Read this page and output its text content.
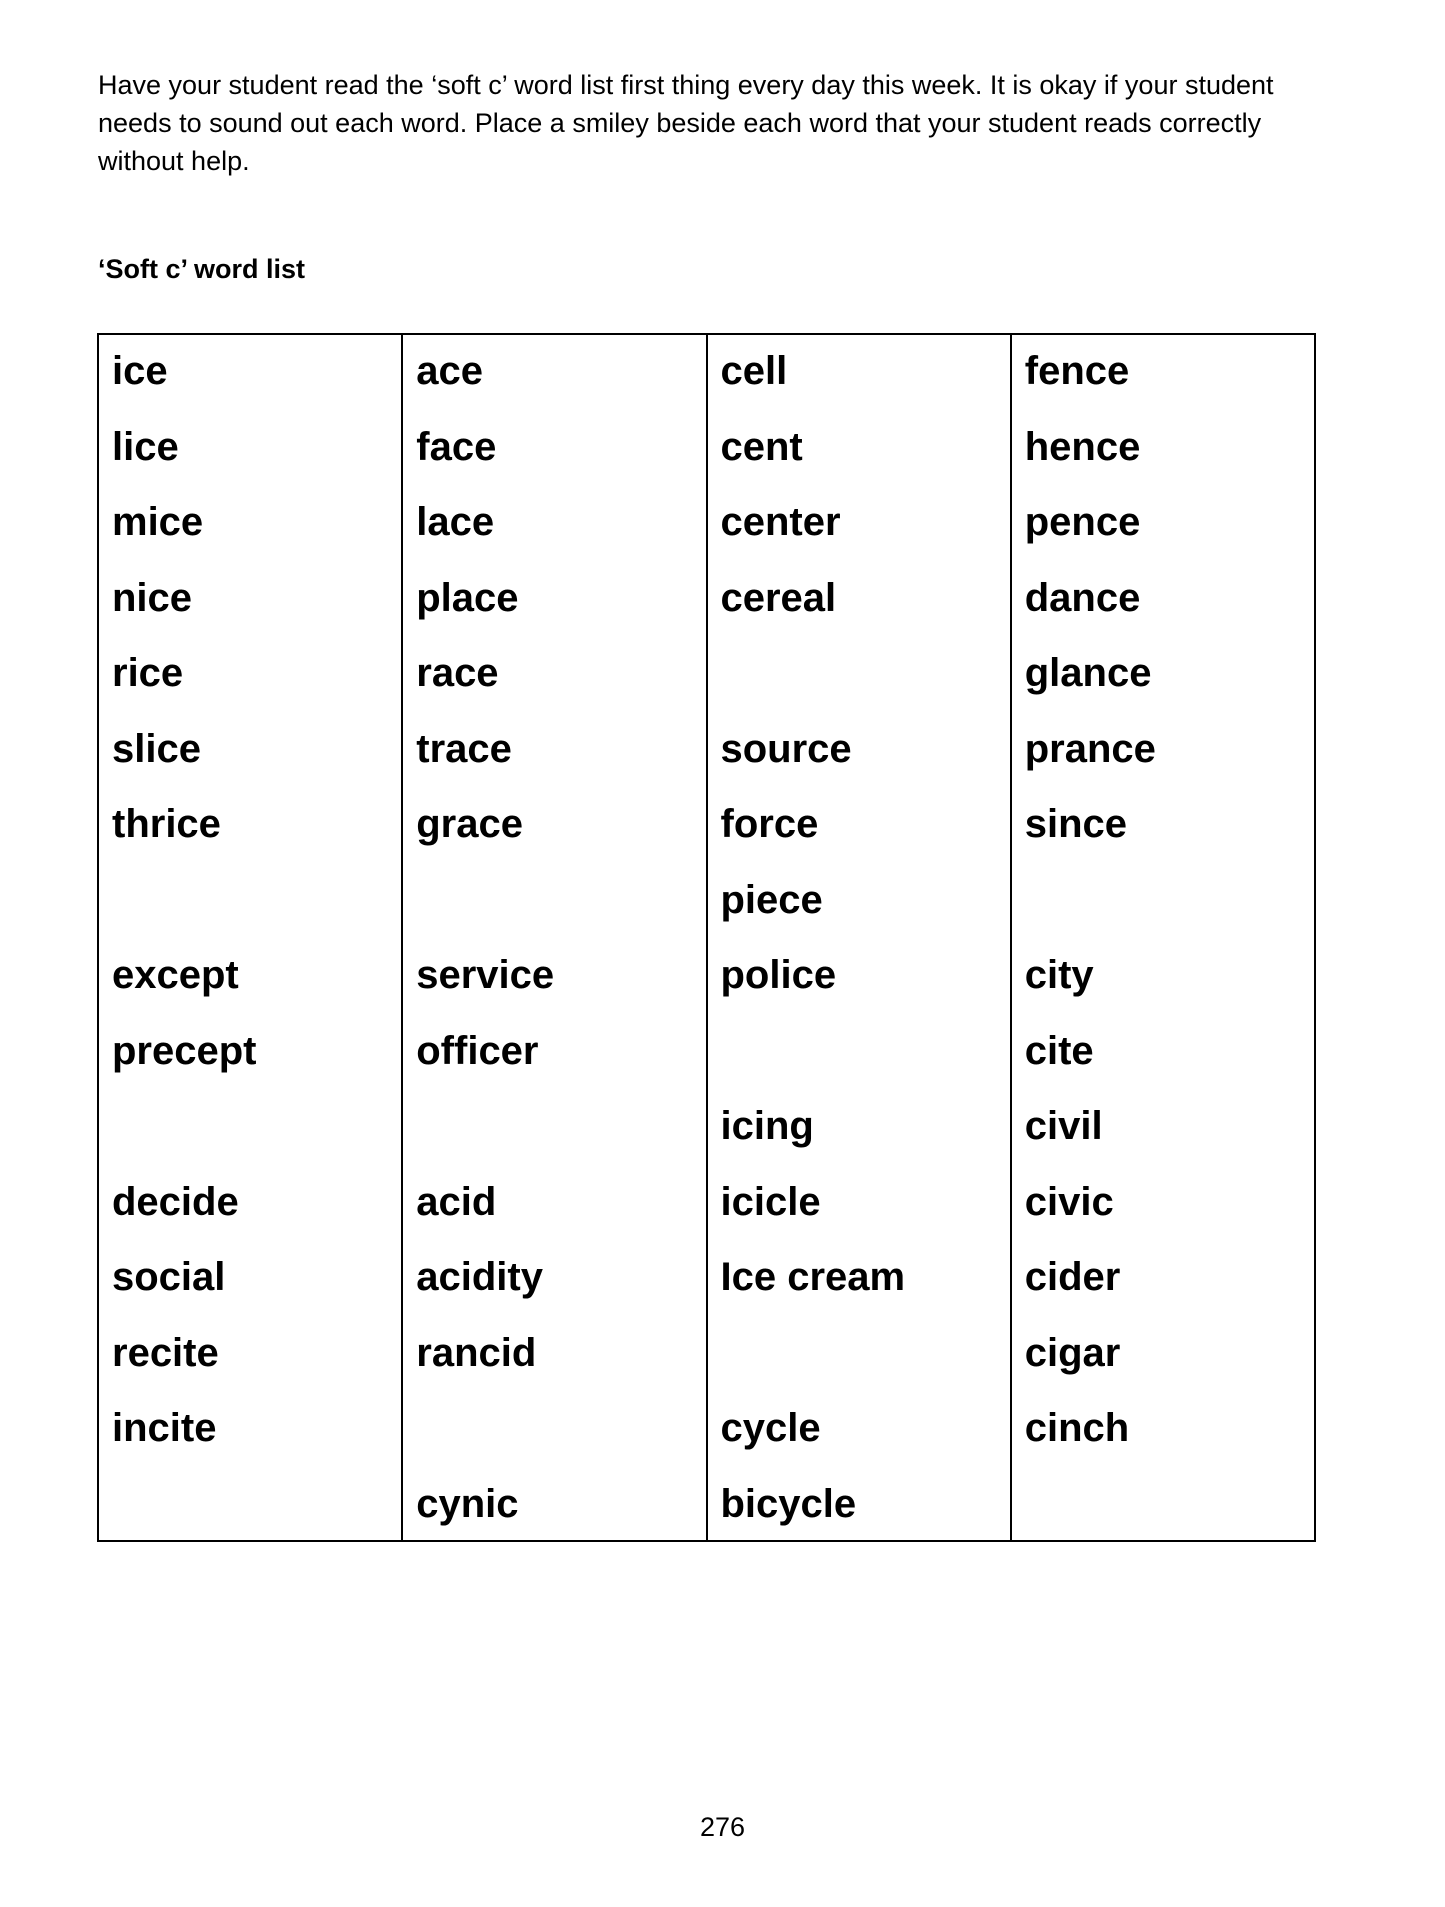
Have your student read the ‘soft c’ word list first thing every day this week. It is okay if your student needs to sound out each word. Place a smiley beside each word that your student reads correctly without help.

‘Soft c’ word list

ice
lice
mice
nice
rice
slice
thrice
except
precept
decide
social
recite
incite
ace
face
lace
place
race
trace
grace
service
officer
acid
acidity
rancid
cynic
cell
cent
center
cereal
source
force
piece
police
icing
icicle
Ice cream
cycle
bicycle
fence
hence
pence
dance
glance
prance
since
city
cite
civil
civic
cider
cigar
cinch
276
